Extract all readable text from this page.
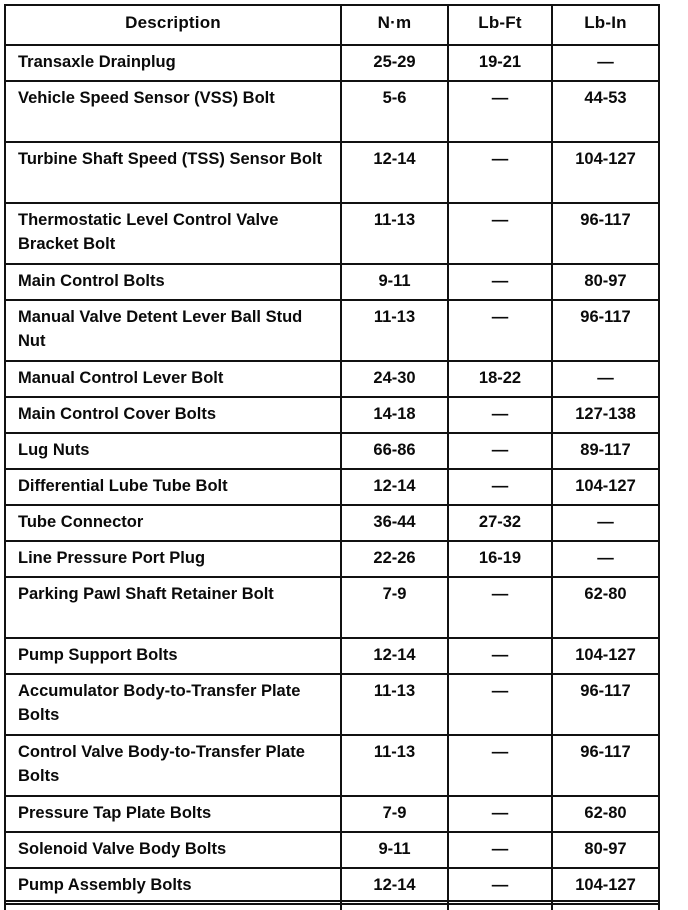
Description	N·m	Lb-Ft	Lb-In
Transaxle Drainplug	25-29	19-21	—
Vehicle Speed Sensor (VSS) Bolt	5-6	—	44-53
Turbine Shaft Speed (TSS) Sensor Bolt	12-14	—	104-127
Thermostatic Level Control Valve Bracket Bolt	11-13	—	96-117
Main Control Bolts	9-11	—	80-97
Manual Valve Detent Lever Ball Stud Nut	11-13	—	96-117
Manual Control Lever Bolt	24-30	18-22	—
Main Control Cover Bolts	14-18	—	127-138
Lug Nuts	66-86	—	89-117
Differential Lube Tube Bolt	12-14	—	104-127
Tube Connector	36-44	27-32	—
Line Pressure Port Plug	22-26	16-19	—
Parking Pawl Shaft Retainer Bolt	7-9	—	62-80
Pump Support Bolts	12-14	—	104-127
Accumulator Body-to-Transfer Plate Bolts	11-13	—	96-117
Control Valve Body-to-Transfer Plate Bolts	11-13	—	96-117
Pressure Tap Plate Bolts	7-9	—	62-80
Solenoid Valve Body Bolts	9-11	—	80-97
Pump Assembly Bolts	12-14	—	104-127
